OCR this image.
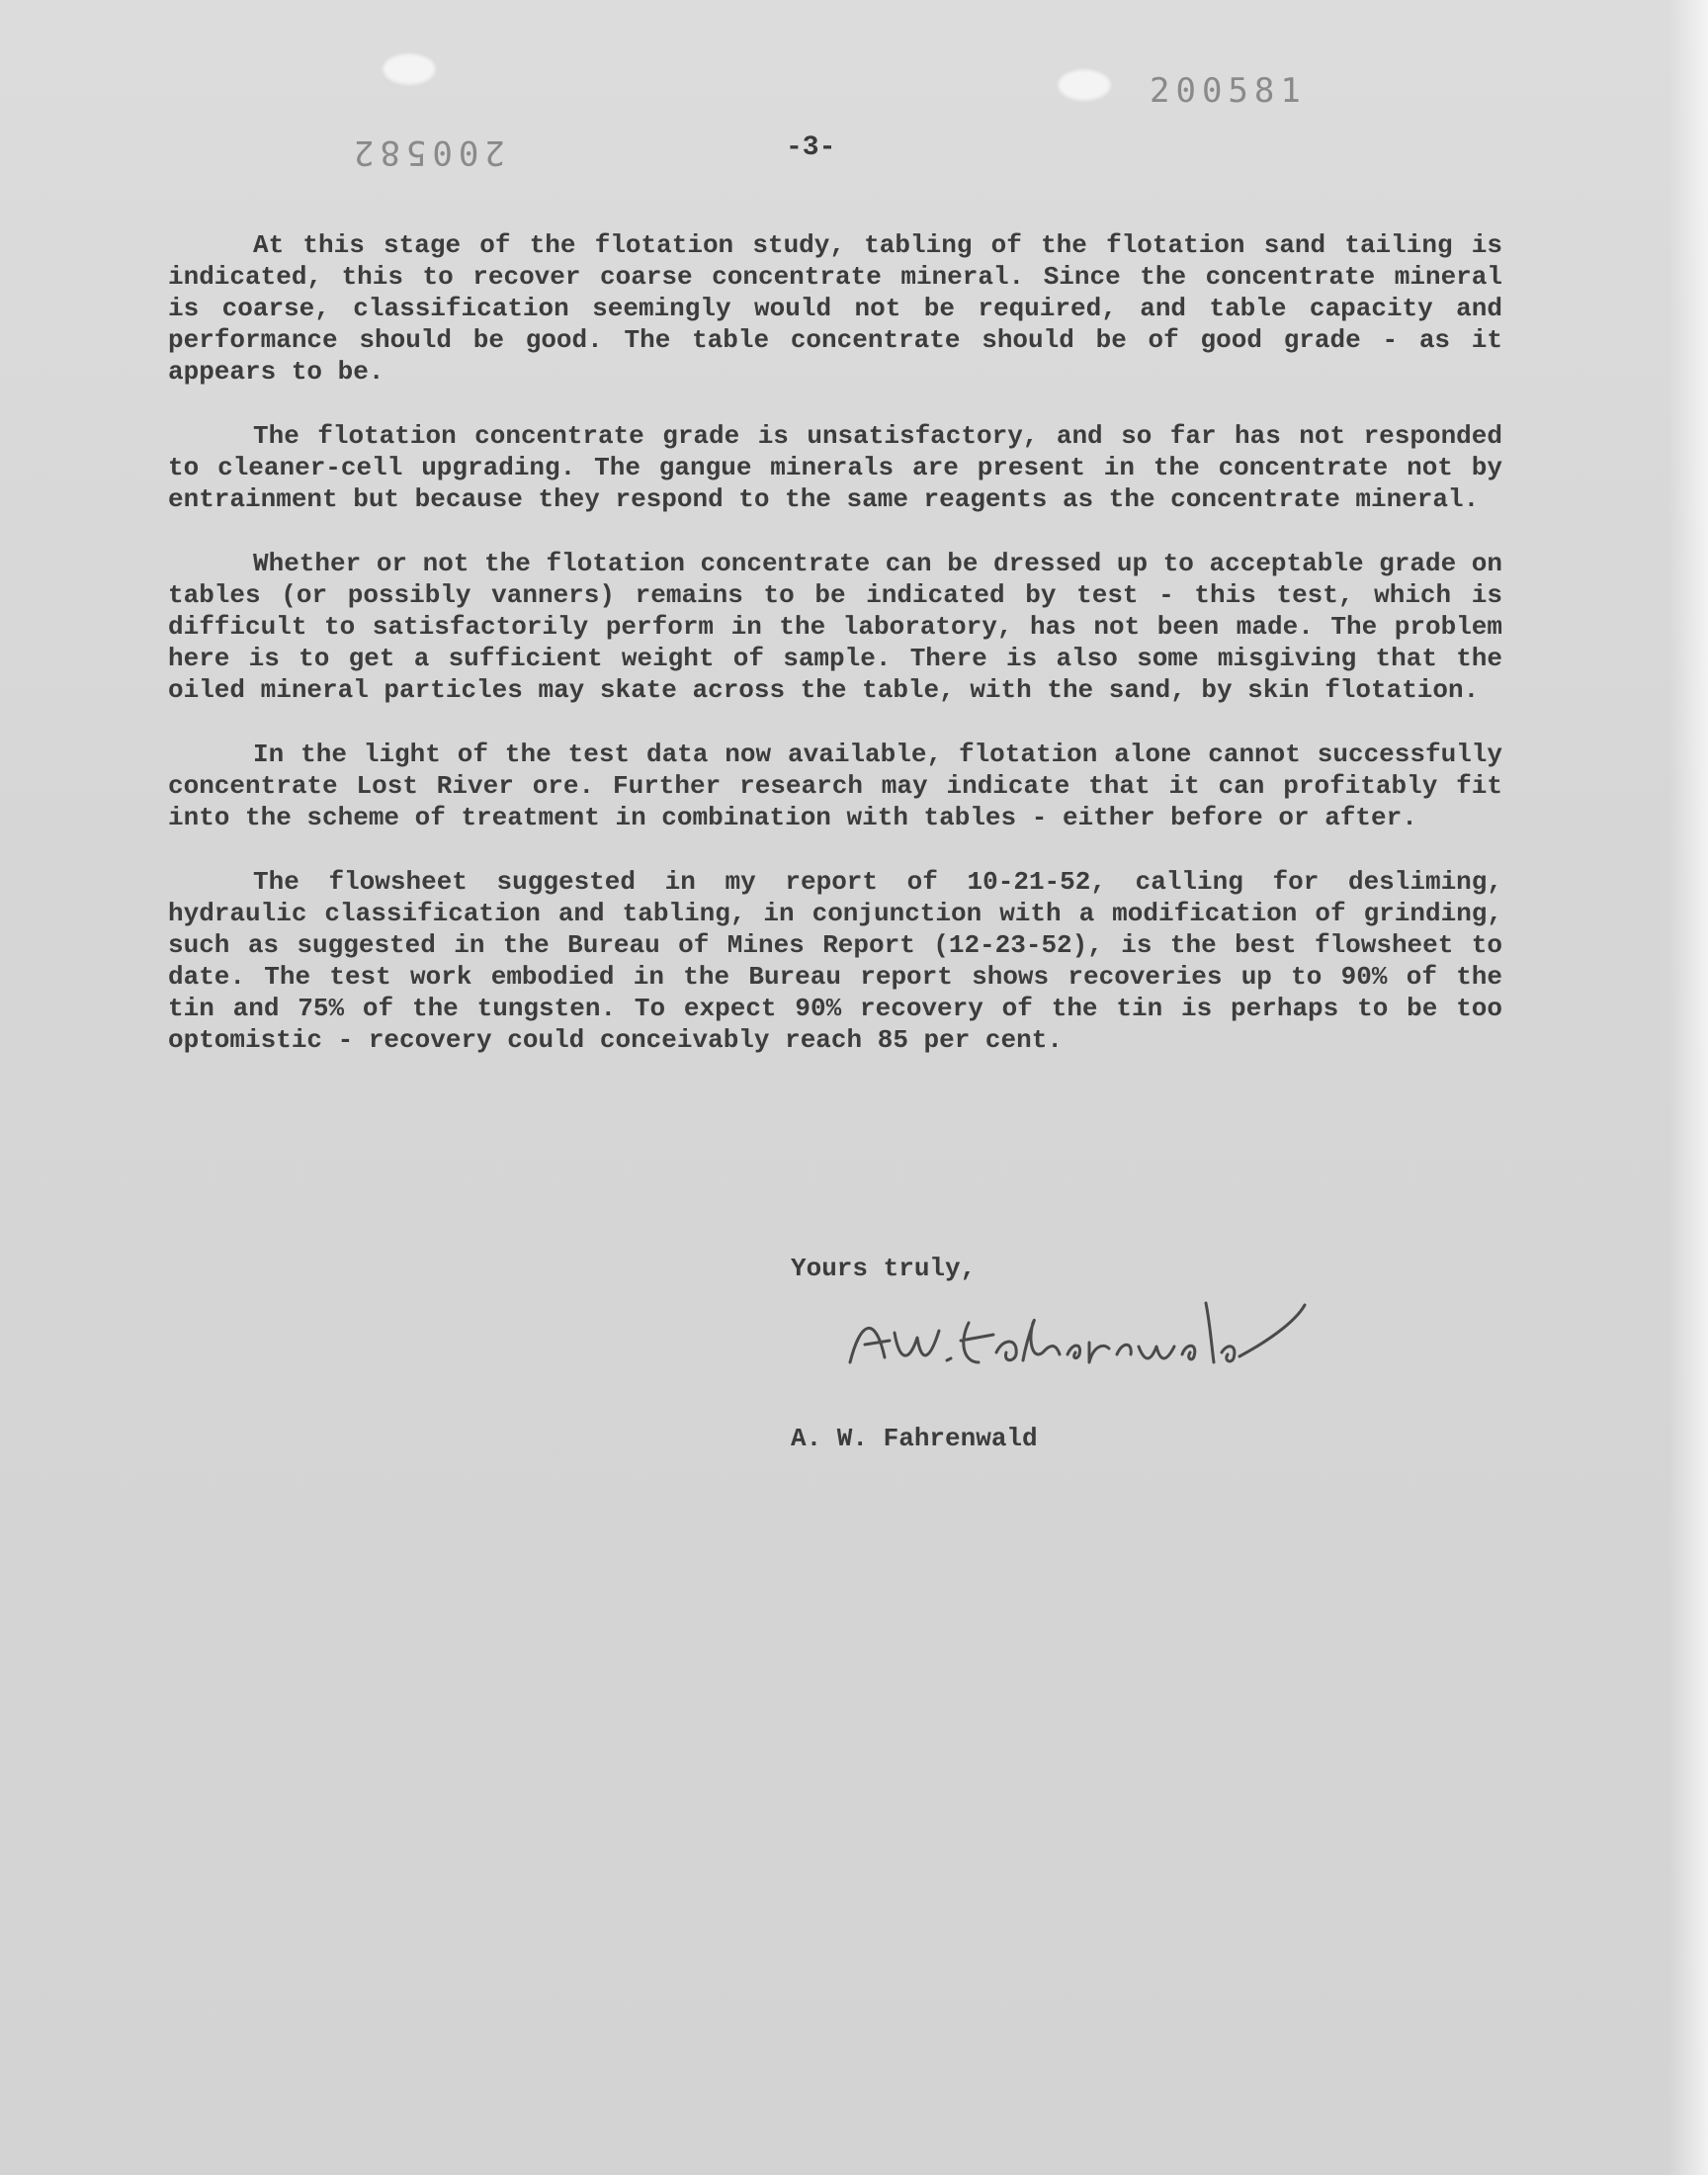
200581
200582	-3-

At this stage of the flotation study, tabling of the flotation sand tailing is indicated, this to recover coarse concentrate mineral. Since the concentrate mineral is coarse, classification seemingly would not be required, and table capacity and performance should be good. The table concentrate should be of good grade - as it appears to be.

The flotation concentrate grade is unsatisfactory, and so far has not responded to cleaner-cell upgrading. The gangue minerals are present in the concentrate not by entrainment but because they respond to the same reagents as the concentrate mineral.

Whether or not the flotation concentrate can be dressed up to acceptable grade on tables (or possibly vanners) remains to be indicated by test - this test, which is difficult to satisfactorily perform in the laboratory, has not been made. The problem here is to get a sufficient weight of sample. There is also some misgiving that the oiled mineral particles may skate across the table, with the sand, by skin flotation.

In the light of the test data now available, flotation alone cannot successfully concentrate Lost River ore. Further research may indicate that it can profitably fit into the scheme of treatment in combination with tables - either before or after.

The flowsheet suggested in my report of 10-21-52, calling for desliming, hydraulic classification and tabling, in conjunction with a modification of grinding, such as suggested in the Bureau of Mines Report (12-23-52), is the best flowsheet to date. The test work embodied in the Bureau report shows recoveries up to 90% of the tin and 75% of the tungsten. To expect 90% recovery of the tin is perhaps to be too optomistic - recovery could conceivably reach 85 per cent.

Yours truly,
A. W. Fahrenwald
